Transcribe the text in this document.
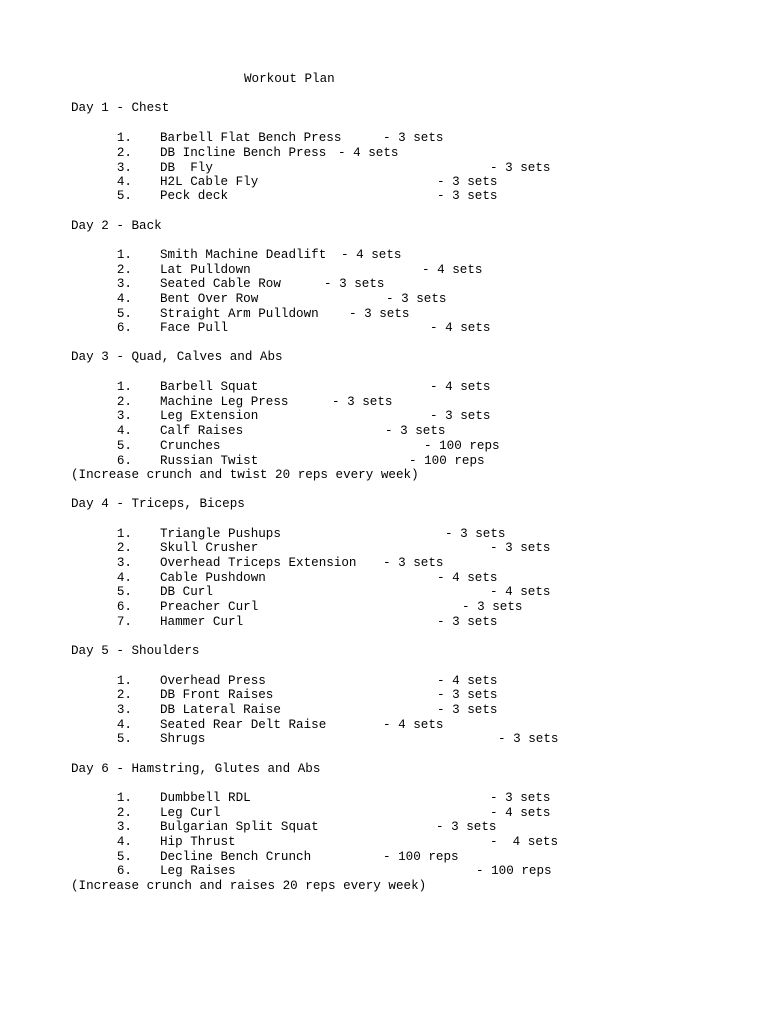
Workout Plan
Day 1 - Chest
1. Barbell Flat Bench Press	- 3 sets
2. DB Incline Bench Press - 4 sets
3. DB  Fly	- 3 sets
4. H2L Cable Fly	- 3 sets
5. Peck deck	- 3 sets
Day 2 - Back
1. Smith Machine Deadlift - 4 sets
2. Lat Pulldown	- 4 sets
3. Seated Cable Row	- 3 sets
4. Bent Over Row	- 3 sets
5. Straight Arm Pulldown - 3 sets
6. Face Pull	- 4 sets
Day 3 - Quad, Calves and Abs
1. Barbell Squat	- 4 sets
2. Machine Leg Press	- 3 sets
3. Leg Extension	- 3 sets
4. Calf Raises	- 3 sets
5. Crunches	- 100 reps
6. Russian Twist	- 100 reps
(Increase crunch and twist 20 reps every week)
Day 4 - Triceps, Biceps
1. Triangle Pushups	- 3 sets
2. Skull Crusher	- 3 sets
3. Overhead Triceps Extension - 3 sets
4. Cable Pushdown	- 4 sets
5. DB Curl	- 4 sets
6. Preacher Curl	- 3 sets
7. Hammer Curl	- 3 sets
Day 5 - Shoulders
1. Overhead Press	- 4 sets
2. DB Front Raises	- 3 sets
3. DB Lateral Raise	- 3 sets
4. Seated Rear Delt Raise	- 4 sets
5. Shrugs	- 3 sets
Day 6 - Hamstring, Glutes and Abs
1. Dumbbell RDL	- 3 sets
2. Leg Curl	- 4 sets
3. Bulgarian Split Squat	- 3 sets
4. Hip Thrust	-  4 sets
5. Decline Bench Crunch	- 100 reps
6. Leg Raises	- 100 reps
(Increase crunch and raises 20 reps every week)
